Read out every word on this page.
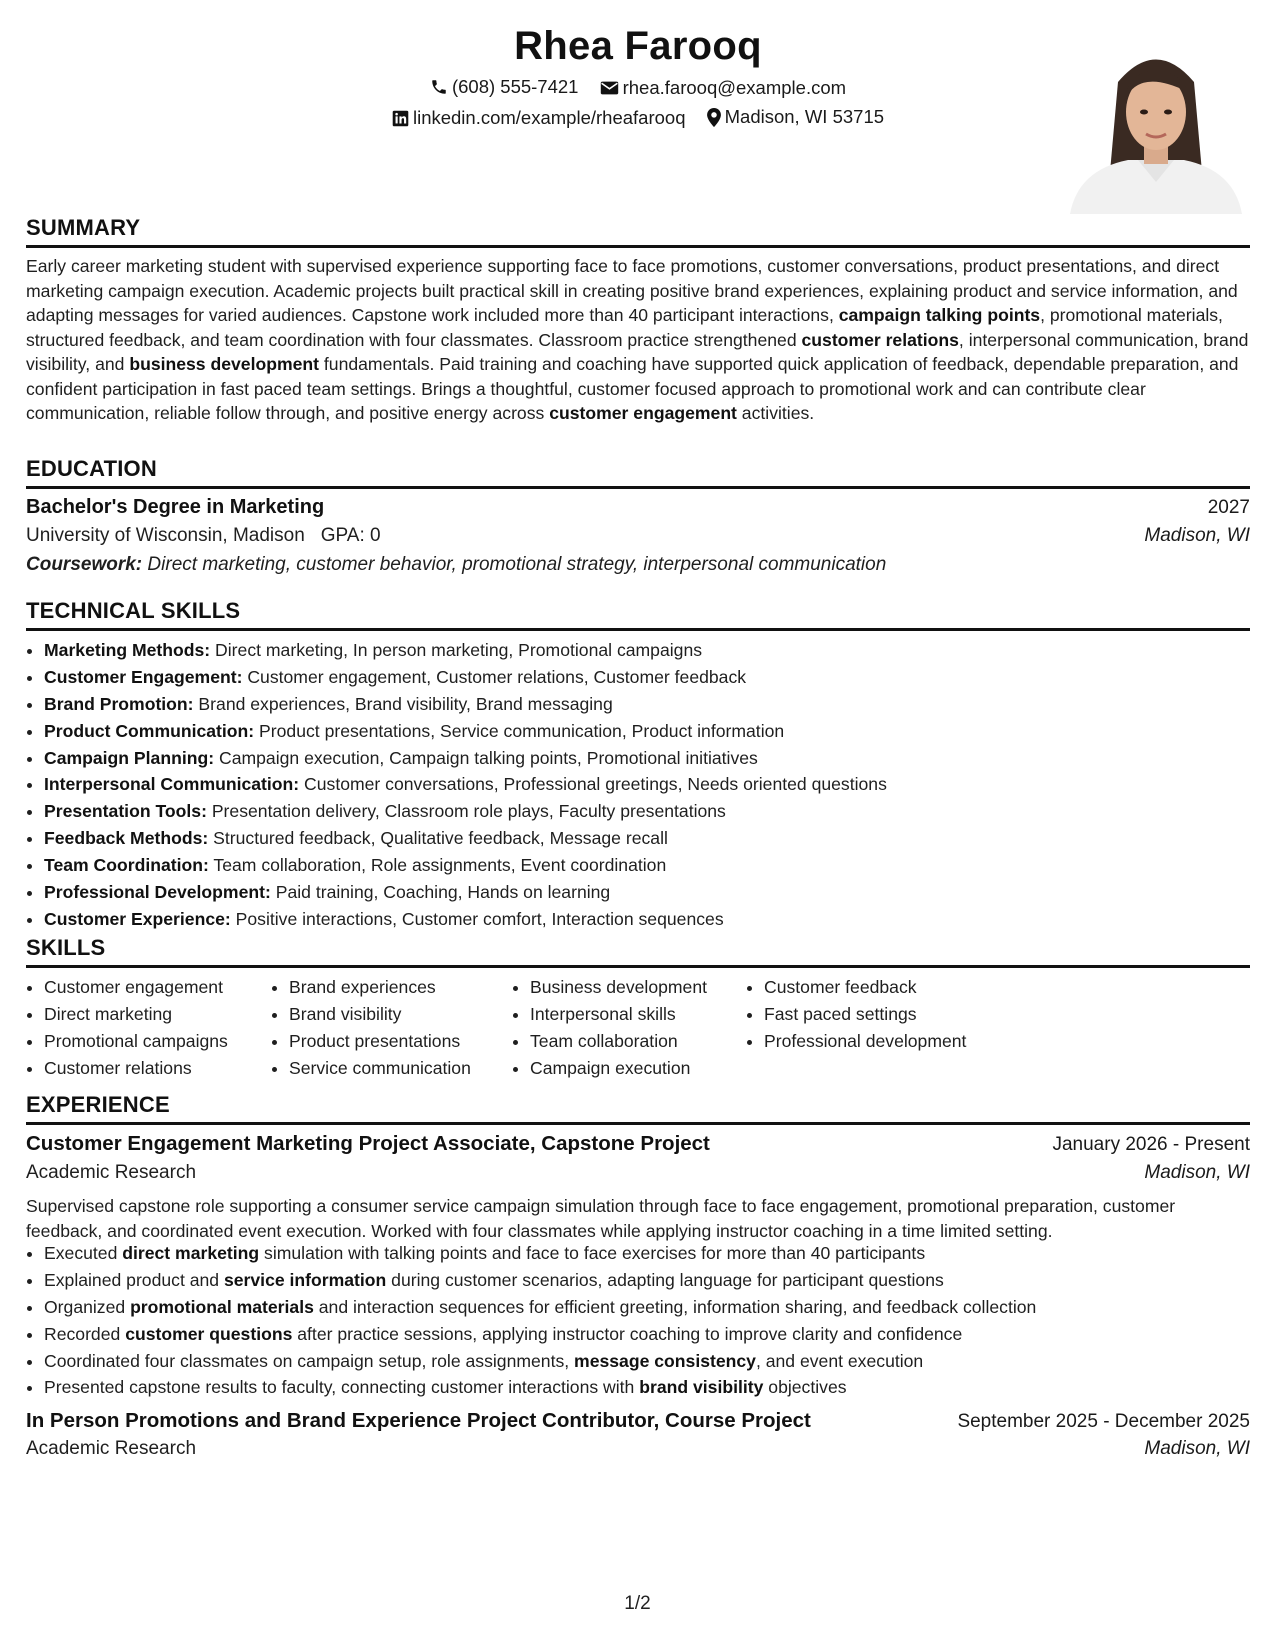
Rhea Farooq
(608) 555-7421
rhea.farooq@example.com
linkedin.com/example/rheafarooq
Madison, WI 53715
SUMMARY
Early career marketing student with supervised experience supporting face to face promotions, customer conversations, product presentations, and direct marketing campaign execution. Academic projects built practical skill in creating positive brand experiences, explaining product and service information, and adapting messages for varied audiences. Capstone work included more than 40 participant interactions, campaign talking points, promotional materials, structured feedback, and team coordination with four classmates. Classroom practice strengthened customer relations, interpersonal communication, brand visibility, and business development fundamentals. Paid training and coaching have supported quick application of feedback, dependable preparation, and confident participation in fast paced team settings. Brings a thoughtful, customer focused approach to promotional work and can contribute clear communication, reliable follow through, and positive energy across customer engagement activities.
EDUCATION
Bachelor's Degree in Marketing	2027
University of Wisconsin, Madison GPA: 0	Madison, WI
Coursework: Direct marketing, customer behavior, promotional strategy, interpersonal communication
TECHNICAL SKILLS
• Marketing Methods: Direct marketing, In person marketing, Promotional campaigns
• Customer Engagement: Customer engagement, Customer relations, Customer feedback
• Brand Promotion: Brand experiences, Brand visibility, Brand messaging
• Product Communication: Product presentations, Service communication, Product information
• Campaign Planning: Campaign execution, Campaign talking points, Promotional initiatives
• Interpersonal Communication: Customer conversations, Professional greetings, Needs oriented questions
• Presentation Tools: Presentation delivery, Classroom role plays, Faculty presentations
• Feedback Methods: Structured feedback, Qualitative feedback, Message recall
• Team Coordination: Team collaboration, Role assignments, Event coordination
• Professional Development: Paid training, Coaching, Hands on learning
• Customer Experience: Positive interactions, Customer comfort, Interaction sequences
SKILLS
• Customer engagement
• Direct marketing
• Promotional campaigns
• Customer relations
• Brand experiences
• Brand visibility
• Product presentations
• Service communication
• Business development
• Interpersonal skills
• Team collaboration
• Campaign execution
• Customer feedback
• Fast paced settings
• Professional development
EXPERIENCE
Customer Engagement Marketing Project Associate, Capstone Project	January 2026 - Present
Academic Research	Madison, WI
Supervised capstone role supporting a consumer service campaign simulation through face to face engagement, promotional preparation, customer feedback, and coordinated event execution. Worked with four classmates while applying instructor coaching in a time limited setting.
• Executed direct marketing simulation with talking points and face to face exercises for more than 40 participants
• Explained product and service information during customer scenarios, adapting language for participant questions
• Organized promotional materials and interaction sequences for efficient greeting, information sharing, and feedback collection
• Recorded customer questions after practice sessions, applying instructor coaching to improve clarity and confidence
• Coordinated four classmates on campaign setup, role assignments, message consistency, and event execution
• Presented capstone results to faculty, connecting customer interactions with brand visibility objectives
In Person Promotions and Brand Experience Project Contributor, Course Project	September 2025 - December 2025
Academic Research	Madison, WI
1/2
